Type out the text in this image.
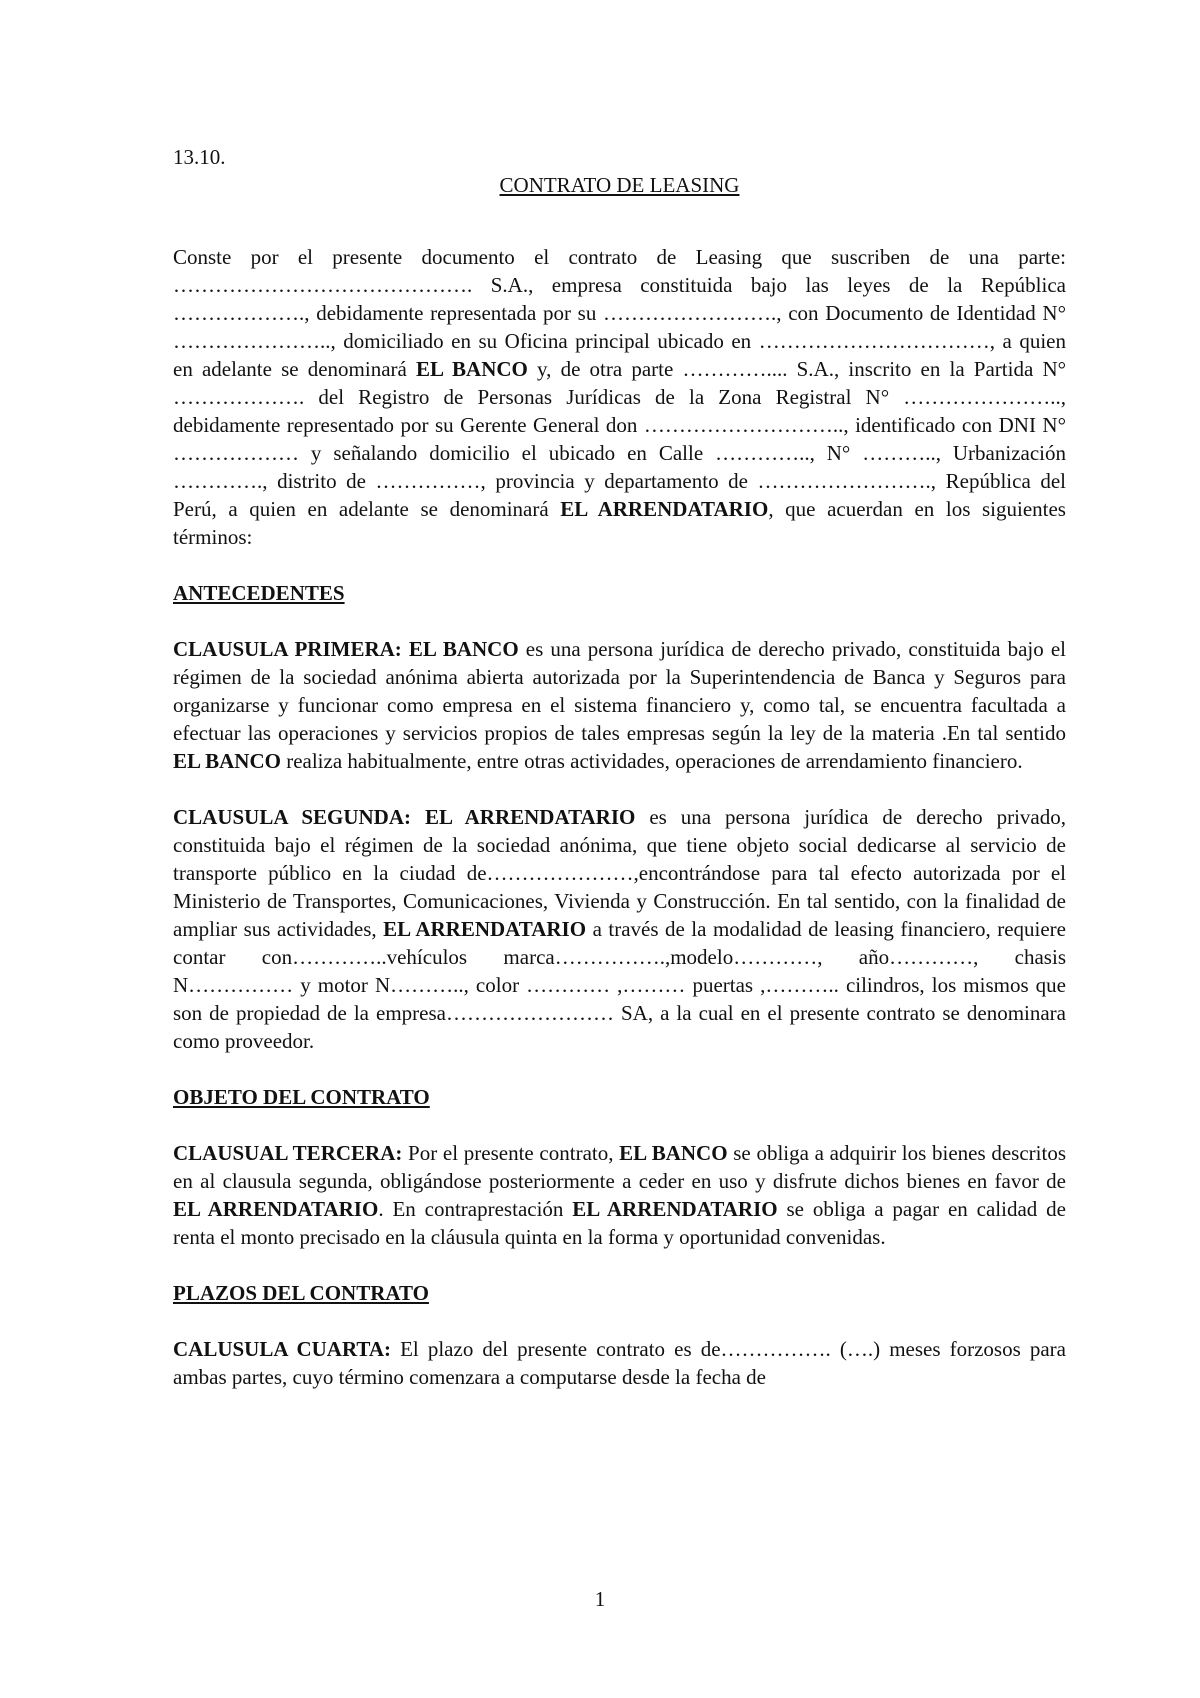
13.10.

CONTRATO DE LEASING

Conste por el presente documento el contrato de Leasing que suscriben de una parte: ……………………………………. S.A., empresa constituida bajo las leyes de la República ………………., debidamente representada por su ……………………., con Documento de Identidad N° ………………….., domiciliado en su Oficina principal ubicado en ……………………………, a quien en adelante se denominará EL BANCO y, de otra parte ………….... S.A., inscrito en la Partida N° ………………. del Registro de Personas Jurídicas de la Zona Registral N° ………………….., debidamente representado por su Gerente General don ……………………….., identificado con DNI N° ……………… y señalando domicilio el ubicado en Calle ………….., N° ……….., Urbanización …………., distrito de ……………, provincia y departamento de ……………………., República del Perú, a quien en adelante se denominará EL ARRENDATARIO, que acuerdan en los siguientes términos:

ANTECEDENTES

CLAUSULA PRIMERA: EL BANCO es una persona jurídica de derecho privado, constituida bajo el régimen de la sociedad anónima abierta autorizada por la Superintendencia de Banca y Seguros para organizarse y funcionar como empresa en el sistema financiero y, como tal, se encuentra facultada a efectuar las operaciones y servicios propios de tales empresas según la ley de la materia .En tal sentido EL BANCO realiza habitualmente, entre otras actividades, operaciones de arrendamiento financiero.

CLAUSULA SEGUNDA: EL ARRENDATARIO es una persona jurídica de derecho privado, constituida bajo el régimen de la sociedad anónima, que tiene objeto social dedicarse al servicio de transporte público en la ciudad de…………………,encontrándose para tal efecto autorizada por el Ministerio de Transportes, Comunicaciones, Vivienda y Construcción. En tal sentido, con la finalidad de ampliar sus actividades, EL ARRENDATARIO a través de la modalidad de leasing financiero, requiere contar con…………..vehículos marca…………….,modelo…………, año…………, chasis N…………… y motor N……….., color ………… ,……… puertas ,……….. cilindros, los mismos que son de propiedad de la empresa…………………… SA, a la cual en el presente contrato se denominara como proveedor.

OBJETO DEL CONTRATO

CLAUSUAL TERCERA: Por el presente contrato, EL BANCO se obliga a adquirir los bienes descritos en al clausula segunda, obligándose posteriormente a ceder en uso y disfrute dichos bienes en favor de EL ARRENDATARIO. En contraprestación EL ARRENDATARIO se obliga a pagar en calidad de renta el monto precisado en la cláusula quinta en la forma y oportunidad convenidas.

PLAZOS DEL CONTRATO

CALUSULA CUARTA: El plazo del presente contrato es de……………. (….) meses forzosos para ambas partes, cuyo término comenzara a computarse desde la fecha de

1
